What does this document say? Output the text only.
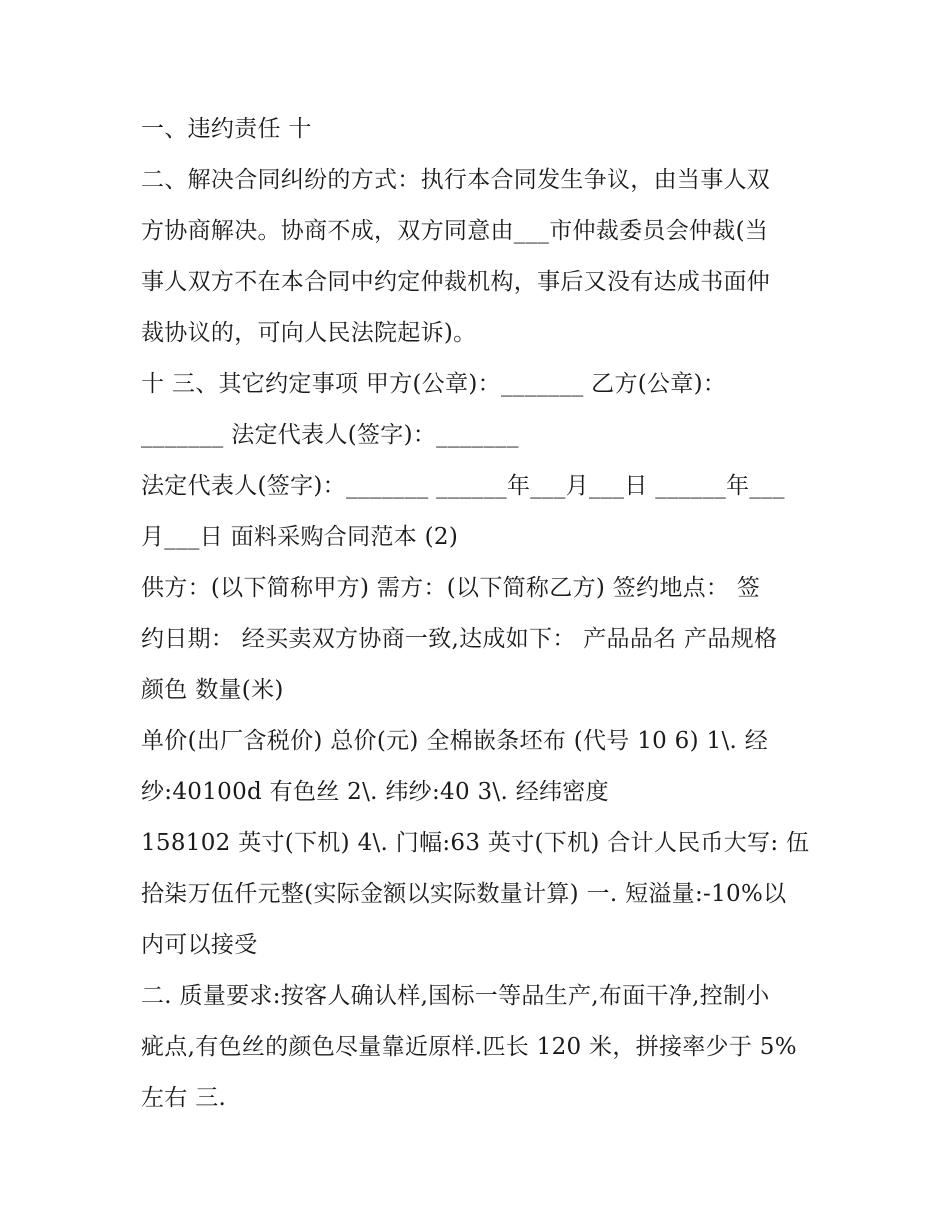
一、违约责任 十
二、解决合同纠纷的方式：执行本合同发生争议，由当事人双
方协商解决。协商不成，双方同意由___市仲裁委员会仲裁(当
事人双方不在本合同中约定仲裁机构，事后又没有达成书面仲
裁协议的，可向人民法院起诉)。
十 三、其它约定事项 甲方(公章)：_______ 乙方(公章)：
_______ 法定代表人(签字)：_______
法定代表人(签字)：_______ ______年___月___日 ______年___
月___日 面料采购合同范本 (2)
供方：(以下简称甲方) 需方：(以下简称乙方) 签约地点： 签
约日期： 经买卖双方协商一致,达成如下： 产品品名 产品规格
颜色 数量(米)
单价(出厂含税价) 总价(元) 全棉嵌条坯布 (代号 10 6) 1\. 经
纱:40100d 有色丝 2\. 纬纱:40 3\. 经纬密度
158102 英寸(下机) 4\. 门幅:63 英寸(下机) 合计人民币大写: 伍
拾柒万伍仟元整(实际金额以实际数量计算) 一. 短溢量:-10%以
内可以接受
二. 质量要求:按客人确认样,国标一等品生产,布面干净,控制小
疵点,有色丝的颜色尽量靠近原样.匹长 120 米，拼接率少于 5%
左右 三.
